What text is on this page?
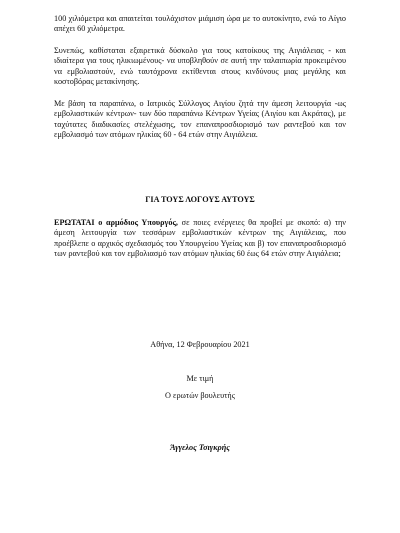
100 χιλιόμετρα και απαιτείται τουλάχιστον μιάμιση ώρα με το αυτοκίνητο, ενώ το Αίγιο απέχει 60 χιλιόμετρα.

Συνεπώς, καθίσταται εξαιρετικά δύσκολο για τους κατοίκους της Αιγιάλειας - και ιδιαίτερα για τους ηλικιωμένους- να υποβληθούν σε αυτή την ταλαιπωρία προκειμένου να εμβολιαστούν, ενώ ταυτόχρονα εκτίθενται στους κινδύνους μιας μεγάλης και κοστοβόρας μετακίνησης.

Με βάση τα παραπάνω, ο Ιατρικός Σύλλογος Αιγίου ζητά την άμεση λειτουργία -ως εμβολιαστικών κέντρων- των δύο παραπάνω Κέντρων Υγείας (Αιγίου και Ακράτας), με ταχύτατες διαδικασίες στελέχωσης, τον επαναπροσδιορισμό των ραντεβού και τον εμβολιασμό των ατόμων ηλικίας 60 - 64 ετών στην Αιγιάλεια.

ΓΙΑ ΤΟΥΣ ΛΟΓΟΥΣ ΑΥΤΟΥΣ

ΕΡΩΤΑΤΑΙ ο αρμόδιος Υπουργός, σε ποιες ενέργειες θα προβεί με σκοπό: α) την άμεση λειτουργία των τεσσάρων εμβολιαστικών κέντρων της Αιγιάλειας, που προέβλεπε ο αρχικός σχεδιασμός του Υπουργείου Υγείας και β) τον επαναπροσδιορισμό των ραντεβού και τον εμβολιασμό των ατόμων ηλικίας 60 έως 64 ετών στην Αιγιάλεια;

Αθήνα, 12 Φεβρουαρίου 2021

Με τιμή

Ο ερωτών βουλευτής

Άγγελος Τσιγκρής
